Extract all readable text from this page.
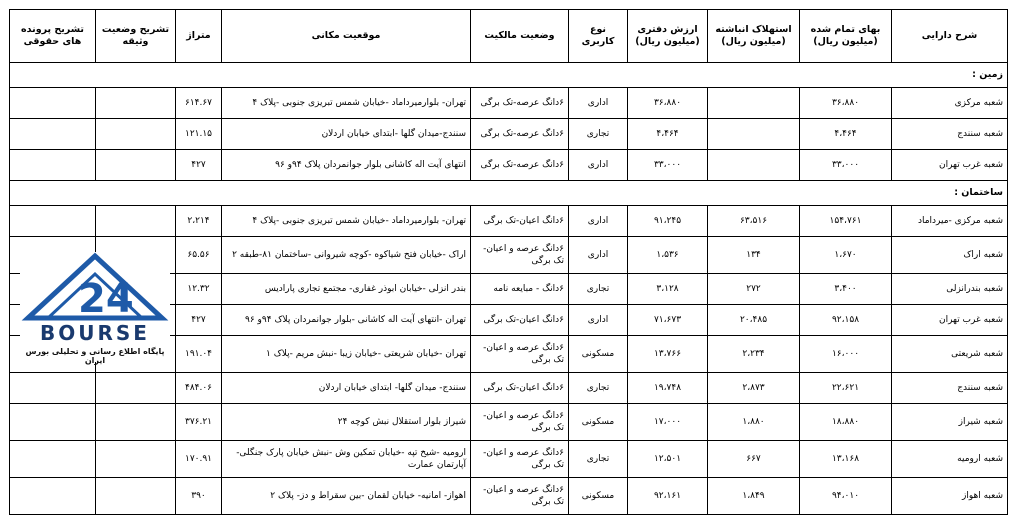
شرح دارایی	بهای تمام شده (میلیون ریال)	استهلاک انباشته (میلیون ریال)	ارزش دفتری (میلیون ریال)	نوع کاربری	وضعیت مالکیت	موقعیت مکانی	متراژ	تشریح وضعیت وثیقه	تشریح پرونده های حقوقی
زمین :									
شعبه مرکزی	۳۶،۸۸۰		۳۶،۸۸۰	اداری	۶دانگ عرصه-تک برگی	تهران- بلوارمیرداماد -خیابان شمس تبریزی جنوبی -پلاک ۴	۶۱۴.۶۷		
شعبه سنندج	۴،۴۶۴		۴،۴۶۴	تجاری	۶دانگ عرصه-تک برگی	سنندج-میدان گلها -ابتدای خیابان اردلان	۱۲۱.۱۵		
شعبه غرب تهران	۳۳،۰۰۰		۳۳،۰۰۰	اداری	۶دانگ عرصه-تک برگی	انتهای آیت اله کاشانی بلوار جوانمردان پلاک ۹۴و ۹۶	۴۲۷		
ساختمان :									
شعبه مرکزی -میرداماد	۱۵۴،۷۶۱	۶۳،۵۱۶	۹۱،۲۴۵	اداری	۶دانگ اعیان-تک برگی	تهران- بلوارمیرداماد -خیابان شمس تبریزی جنوبی -پلاک ۴	۲،۲۱۴		
شعبه اراک	۱،۶۷۰	۱۳۴	۱،۵۳۶	اداری	۶دانگ عرصه و اعیان-تک برگی	اراک -خیابان فتح شیاکوه -کوچه شیروانی -ساختمان ۸۱-طبقه ۲	۶۵.۵۶		
شعبه بندرانزلی	۳،۴۰۰	۲۷۲	۳،۱۲۸	تجاری	۶دانگ - مبایعه نامه	بندر انزلی -خیابان ابوذر غفاری- مجتمع تجاری پارادیس	۱۲.۳۲		
شعبه غرب تهران	۹۲،۱۵۸	۲۰،۴۸۵	۷۱،۶۷۳	اداری	۶دانگ اعیان-تک برگی	تهران -انتهای آیت اله کاشانی -بلوار جوانمردان پلاک ۹۴و ۹۶	۴۲۷		
شعبه شریعتی	۱۶،۰۰۰	۲،۲۳۴	۱۳،۷۶۶	مسکونی	۶دانگ عرصه و اعیان-تک برگی	تهران -خیابان شریعتی -خیابان زیبا -نبش مریم -پلاک ۱	۱۹۱.۰۴		
شعبه سنندج	۲۲،۶۲۱	۲،۸۷۳	۱۹،۷۴۸	تجاری	۶دانگ اعیان-تک برگی	سنندج- میدان گلها- ابتدای خیابان اردلان	۴۸۴.۰۶		
شعبه شیراز	۱۸،۸۸۰	۱،۸۸۰	۱۷،۰۰۰	مسکونی	۶دانگ عرصه و اعیان-تک برگی	شیراز بلوار استقلال نبش کوچه ۲۴	۳۷۶.۲۱		
شعبه ارومیه	۱۳،۱۶۸	۶۶۷	۱۲،۵۰۱	تجاری	۶دانگ عرصه و اعیان-تک برگی	ارومیه -شیخ تپه -خیابان تمکین وش -نبش خیابان پارک جنگلی- آپارتمان عمارت	۱۷۰.۹۱		
شعبه اهواز	۹۴،۰۱۰	۱،۸۴۹	۹۲،۱۶۱	مسکونی	۶دانگ عرصه و اعیان-تک برگی	اهواز- امانیه- خیابان لقمان -بین سقراط و دز- پلاک ۲	۳۹۰		
24
BOURSE
پایگاه اطلاع رسانی و تحلیلی بورس ایران
